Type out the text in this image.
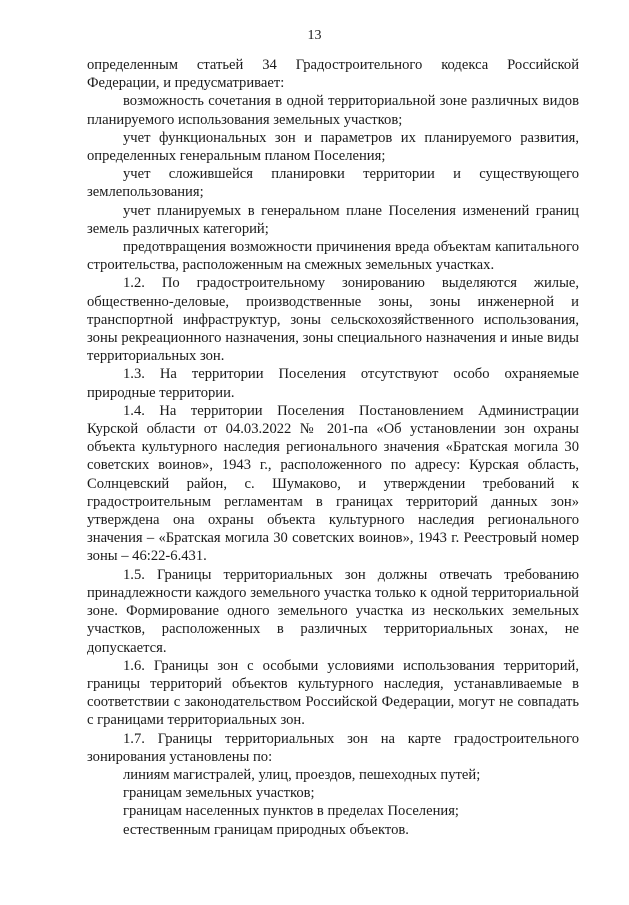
13

определенным статьей 34 Градостроительного кодекса Российской Федерации, и предусматривает:

возможность сочетания в одной территориальной зоне различных видов планируемого использования земельных участков;

учет функциональных зон и параметров их планируемого развития, определенных генеральным планом Поселения;

учет сложившейся планировки территории и существующего землепользования;

учет планируемых в генеральном плане Поселения изменений границ земель различных категорий;

предотвращения возможности причинения вреда объектам капитального строительства, расположенным на смежных земельных участках.

1.2. По градостроительному зонированию выделяются жилые, общественно-деловые, производственные зоны, зоны инженерной и транспортной инфраструктур, зоны сельскохозяйственного использования, зоны рекреационного назначения, зоны специального назначения и иные виды территориальных зон.

1.3. На территории Поселения отсутствуют особо охраняемые природные территории.

1.4. На территории Поселения Постановлением Администрации Курской области от 04.03.2022 № 201-па «Об установлении зон охраны объекта культурного наследия регионального значения «Братская могила 30 советских воинов», 1943 г., расположенного по адресу: Курская область, Солнцевский район, с. Шумаково, и утверждении требований к градостроительным регламентам в границах территорий данных зон» утверждена она охраны объекта культурного наследия регионального значения – «Братская могила 30 советских воинов», 1943 г. Реестровый номер зоны – 46:22-6.431.

1.5. Границы территориальных зон должны отвечать требованию принадлежности каждого земельного участка только к одной территориальной зоне. Формирование одного земельного участка из нескольких земельных участков, расположенных в различных территориальных зонах, не допускается.

1.6. Границы зон с особыми условиями использования территорий, границы территорий объектов культурного наследия, устанавливаемые в соответствии с законодательством Российской Федерации, могут не совпадать с границами территориальных зон.

1.7. Границы территориальных зон на карте градостроительного зонирования установлены по:

линиям магистралей, улиц, проездов, пешеходных путей;

границам земельных участков;

границам населенных пунктов в пределах Поселения;

естественным границам природных объектов.
